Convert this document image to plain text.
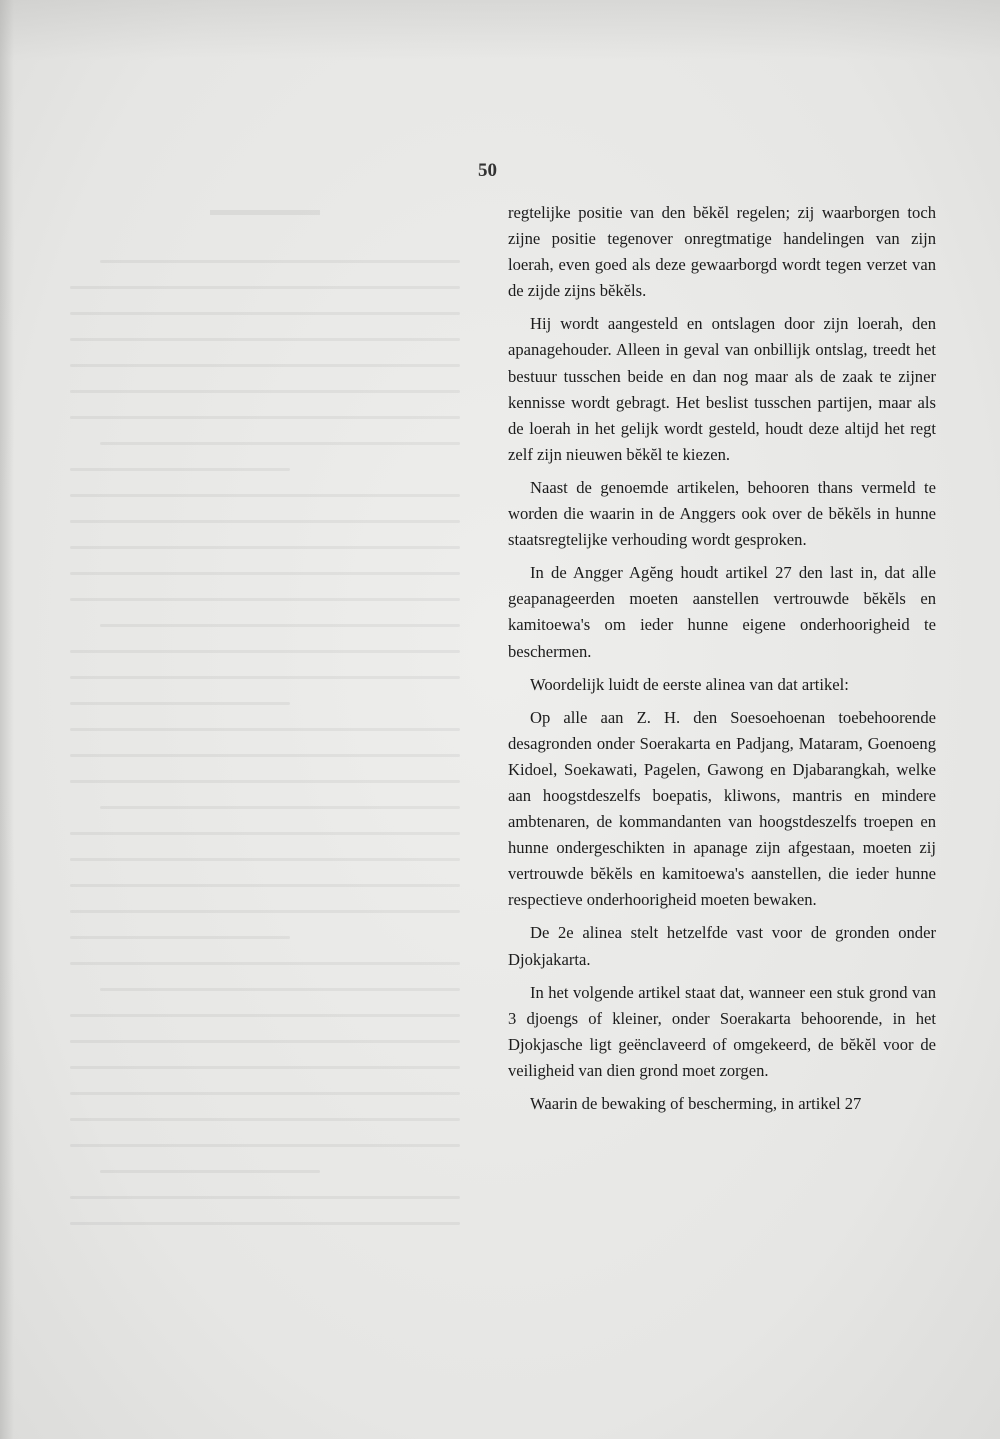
50

regtelijke positie van den bĕkĕl regelen; zij waarborgen toch zijne positie tegenover onregtmatige handelingen van zijn loerah, even goed als deze gewaarborgd wordt tegen verzet van de zijde zijns bĕkĕls.

Hij wordt aangesteld en ontslagen door zijn loerah, den apanagehouder. Alleen in geval van onbillijk ontslag, treedt het bestuur tusschen beide en dan nog maar als de zaak te zijner kennisse wordt gebragt. Het beslist tusschen partijen, maar als de loerah in het gelijk wordt gesteld, houdt deze altijd het regt zelf zijn nieuwen bĕkĕl te kiezen.

Naast de genoemde artikelen, behooren thans vermeld te worden die waarin in de Anggers ook over de bĕkĕls in hunne staatsregtelijke verhouding wordt gesproken.

In de Angger Agĕng houdt artikel 27 den last in, dat alle geapanageerden moeten aanstellen vertrouwde bĕkĕls en kamitoewa's om ieder hunne eigene onderhoorigheid te beschermen.

Woordelijk luidt de eerste alinea van dat artikel:

Op alle aan Z. H. den Soesoehoenan toebehoorende desagronden onder Soerakarta en Padjang, Mataram, Goenoeng Kidoel, Soekawati, Pagelen, Gawong en Djabarangkah, welke aan hoogstdeszelfs boepatis, kliwons, mantris en mindere ambtenaren, de kommandanten van hoogstdeszelfs troepen en hunne ondergeschikten in apanage zijn afgestaan, moeten zij vertrouwde bĕkĕls en kamitoewa's aanstellen, die ieder hunne respectieve onderhoorigheid moeten bewaken.

De 2e alinea stelt hetzelfde vast voor de gronden onder Djokjakarta.

In het volgende artikel staat dat, wanneer een stuk grond van 3 djoengs of kleiner, onder Soerakarta behoorende, in het Djokjasche ligt geënclaveerd of omgekeerd, de bĕkĕl voor de veiligheid van dien grond moet zorgen.

Waarin de bewaking of bescherming, in artikel 27
